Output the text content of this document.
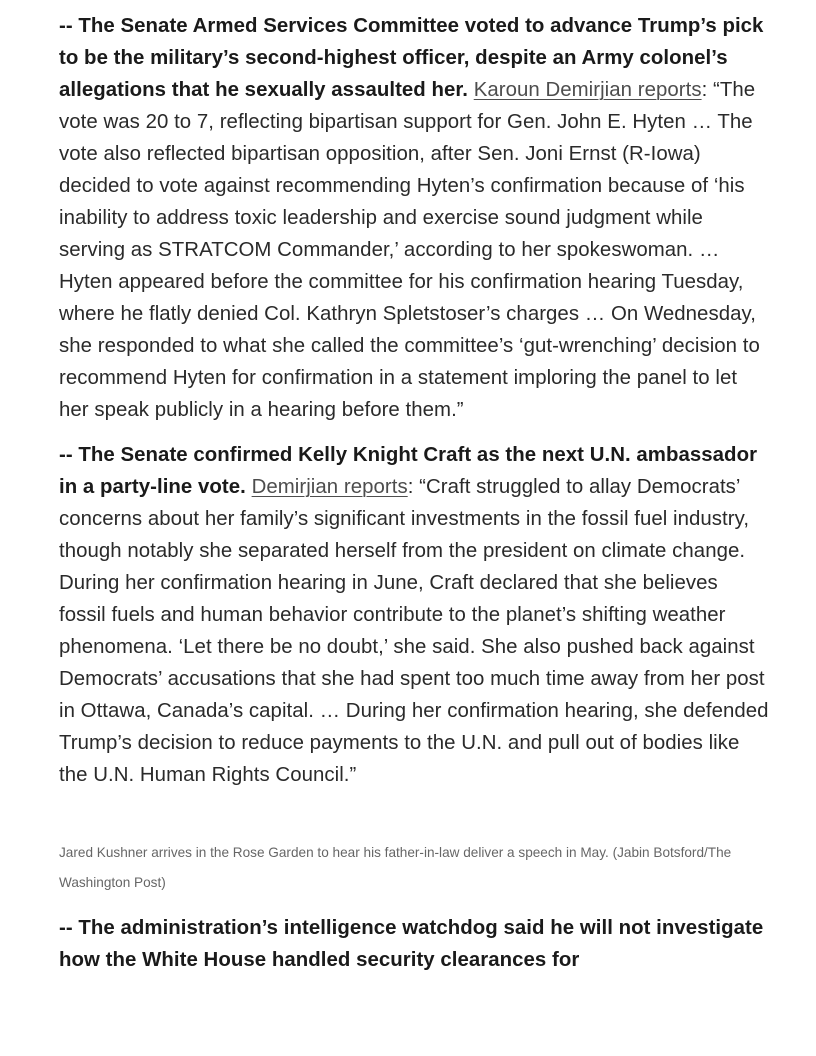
-- The Senate Armed Services Committee voted to advance Trump’s pick to be the military’s second-highest officer, despite an Army colonel’s allegations that he sexually assaulted her. Karoun Demirjian reports: “The vote was 20 to 7, reflecting bipartisan support for Gen. John E. Hyten … The vote also reflected bipartisan opposition, after Sen. Joni Ernst (R-Iowa) decided to vote against recommending Hyten’s confirmation because of ‘his inability to address toxic leadership and exercise sound judgment while serving as STRATCOM Commander,’ according to her spokeswoman. … Hyten appeared before the committee for his confirmation hearing Tuesday, where he flatly denied Col. Kathryn Spletstoser’s charges … On Wednesday, she responded to what she called the committee’s ‘gut-wrenching’ decision to recommend Hyten for confirmation in a statement imploring the panel to let her speak publicly in a hearing before them.”

-- The Senate confirmed Kelly Knight Craft as the next U.N. ambassador in a party-line vote. Demirjian reports: “Craft struggled to allay Democrats’ concerns about her family’s significant investments in the fossil fuel industry, though notably she separated herself from the president on climate change. During her confirmation hearing in June, Craft declared that she believes fossil fuels and human behavior contribute to the planet’s shifting weather phenomena. ‘Let there be no doubt,’ she said. She also pushed back against Democrats’ accusations that she had spent too much time away from her post in Ottawa, Canada’s capital. … During her confirmation hearing, she defended Trump’s decision to reduce payments to the U.N. and pull out of bodies like the U.N. Human Rights Council.”

Jared Kushner arrives in the Rose Garden to hear his father-in-law deliver a speech in May. (Jabin Botsford/The Washington Post)

-- The administration’s intelligence watchdog said he will not investigate how the White House handled security clearances for
